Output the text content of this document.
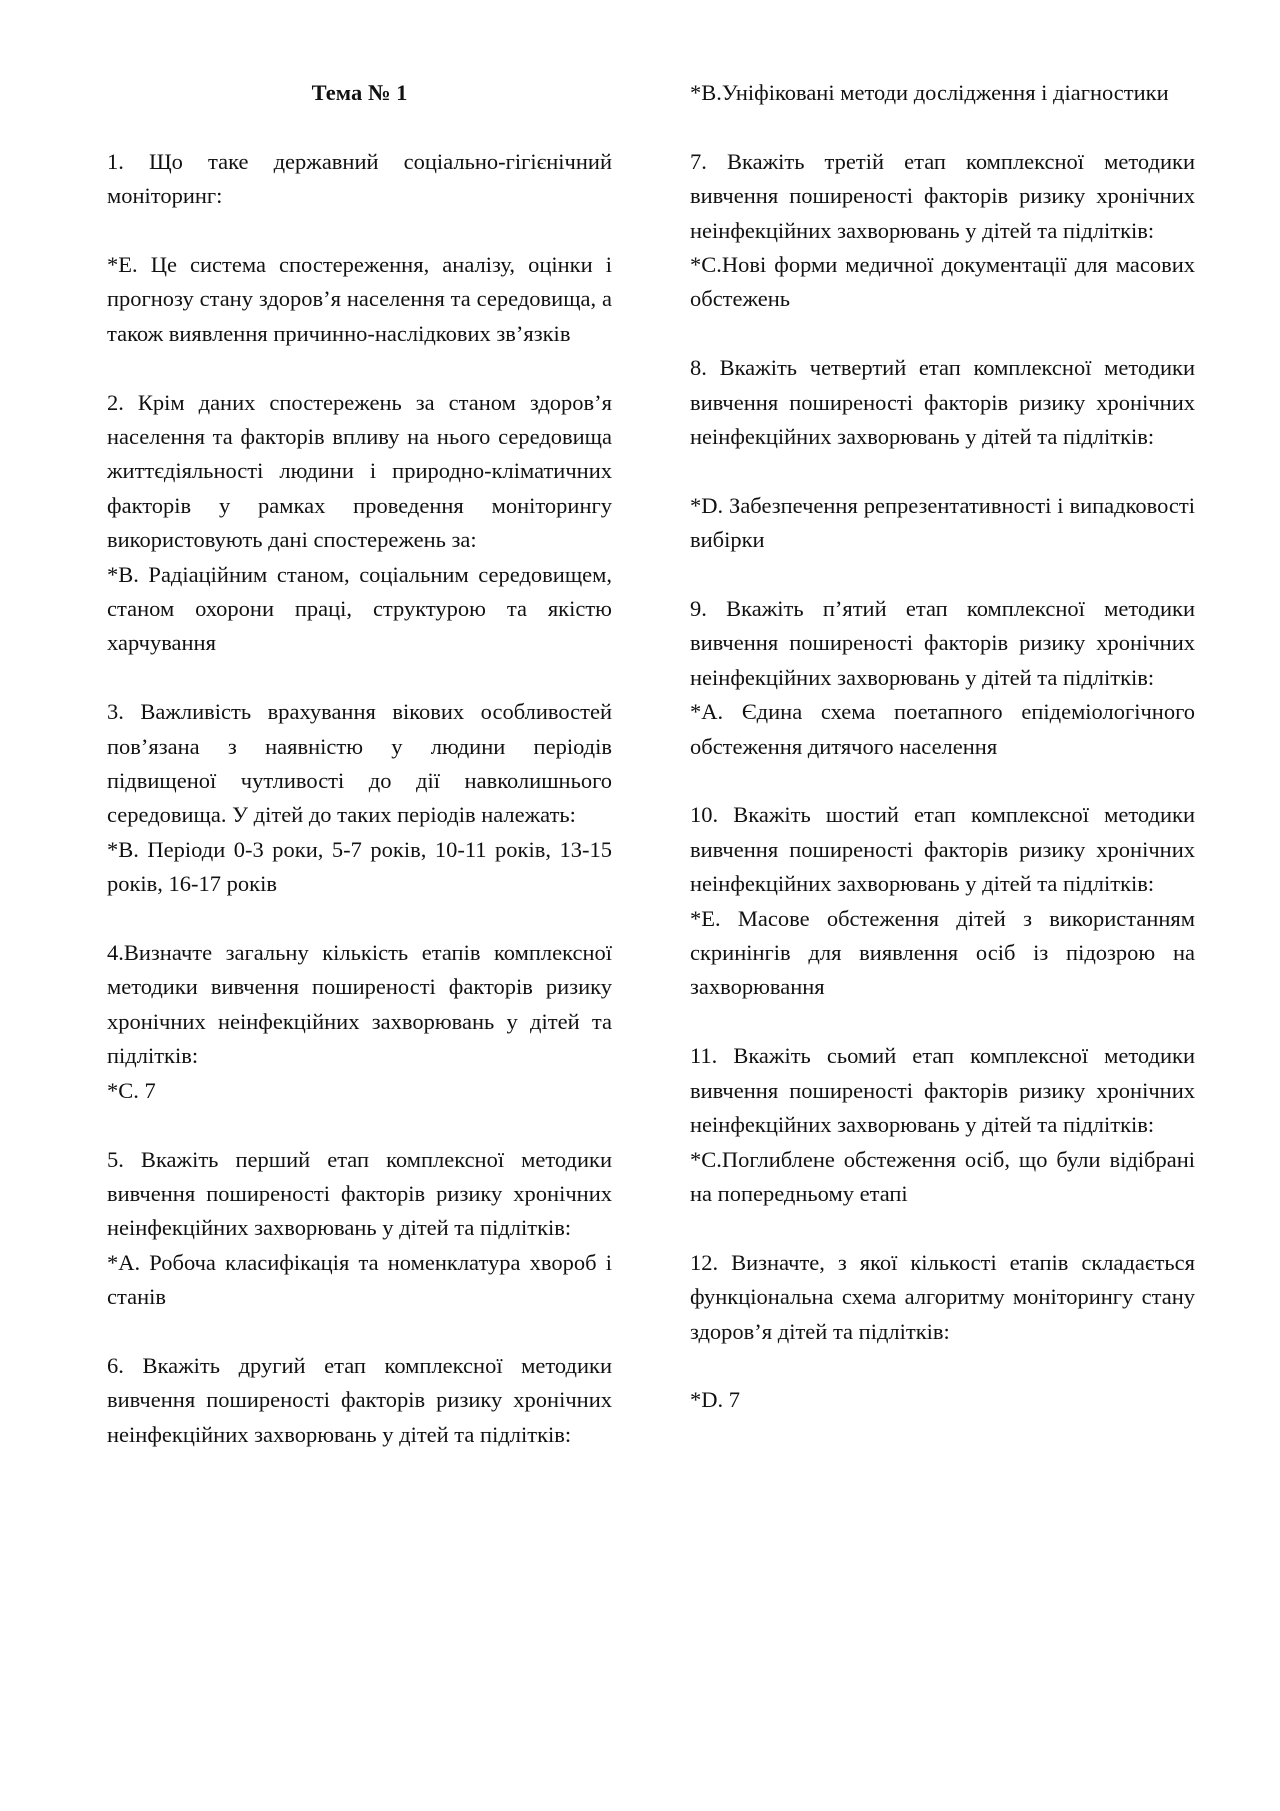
Тема № 1

1. Що таке державний соціально-гігієнічний моніторинг:

*E. Це система спостереження, аналізу, оцінки і прогнозу стану здоров’я населення та середовища, а також виявлення причинно-наслідкових зв’язків

2. Крім даних спостережень за станом здоров’я населення та факторів впливу на нього середовища життєдіяльності людини і природно-кліматичних факторів у рамках проведення моніторингу використовують дані спостережень за:

*B. Радіаційним станом, соціальним середовищем, станом охорони праці, структурою та якістю харчування

3. Важливість врахування вікових особливостей пов’язана з наявністю у людини періодів підвищеної чутливості до дії навколишнього середовища. У дітей до таких періодів належать:

*B. Періоди 0-3 роки, 5-7 років, 10-11 років, 13-15 років, 16-17 років

4.Визначте загальну кількість етапів комплексної методики вивчення поширеності факторів ризику хронічних неінфекційних захворювань у дітей та підлітків:

*C. 7

5. Вкажіть перший етап комплексної методики вивчення поширеності факторів ризику хронічних неінфекційних захворювань у дітей та підлітків:

*A. Робоча класифікація та номенклатура хвороб і станів

6. Вкажіть другий етап комплексної методики вивчення поширеності факторів ризику хронічних неінфекційних захворювань у дітей та підлітків:

*B.Уніфіковані методи дослідження і діагностики

7. Вкажіть третій етап комплексної методики вивчення поширеності факторів ризику хронічних неінфекційних захворювань у дітей та підлітків:

*C.Нові форми медичної документації для масових обстежень

8. Вкажіть четвертий етап комплексної методики вивчення поширеності факторів ризику хронічних неінфекційних захворювань у дітей та підлітків:

*D. Забезпечення репрезентативності і випадковості вибірки

9. Вкажіть п’ятий етап комплексної методики вивчення поширеності факторів ризику хронічних неінфекційних захворювань у дітей та підлітків:

*A. Єдина схема поетапного епідеміологічного обстеження дитячого населення

10. Вкажіть шостий етап комплексної методики вивчення поширеності факторів ризику хронічних неінфекційних захворювань у дітей та підлітків:

*E. Масове обстеження дітей з використанням скринінгів для виявлення осіб із підозрою на захворювання

11. Вкажіть сьомий етап комплексної методики вивчення поширеності факторів ризику хронічних неінфекційних захворювань у дітей та підлітків:

*C.Поглиблене обстеження осіб, що були відібрані на попередньому етапі

12. Визначте, з якої кількості етапів складається функціональна схема алгоритму моніторингу стану здоров’я дітей та підлітків:

*D. 7
